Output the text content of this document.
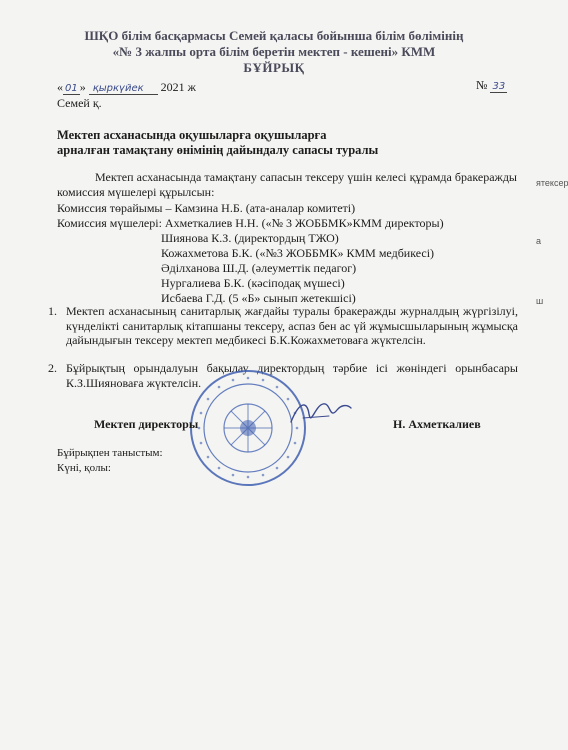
ШҚО білім басқармасы Семей қаласы бойынша білім бөлімінің
«№ 3 жалпы орта білім беретін мектеп - кешені» КММ
БҰЙРЫҚ
« 01 » қыркүйек 2021 ж	№ 33
Семей қ.
Мектеп асханасында оқушыларға оқушыларға
арналған тамақтану өнімінің дайындалу сапасы туралы
Мектеп асханасында тамақтану сапасын тексеру үшін келесі құрамда бракеражды комиссия мүшелері құрылсын:
Комиссия төрайымы – Камзина Н.Б. (ата-аналар комитеті)
Комиссия мүшелері: Ахметкалиев Н.Н. («№ 3 ЖОББМК»КММ директоры)
Шиянова К.З. (директордың ТЖО)
Кожахметова Б.К. («№3 ЖОББМК» КММ медбикесі)
Әділханова Ш.Д. (әлеуметтік педагог)
Нургалиева Б.К. (кәсіподақ мүшесі)
Исбаева Г.Д. (5 «Б» сынып жетекшісі)
1. Мектеп асханасының санитарлық жағдайы туралы бракеражды журналдың жүргізілуі, күнделікті санитарлық кітапшаны тексеру, аспаз бен ас үй жұмысшыларының жұмысқа дайындығын тексеру мектеп медбикесі Б.К.Кожахметоваға жүктелсін.
2. Бұйрықтың орындалуын бақылау директордың тәрбие ісі жөніндегі орынбасары К.З.Шияноваға жүктелсін.
Мектеп директоры	Н. Ахметкалиев
Бұйрықпен таныстым:
Күні, қолы:
ятексер
а
ш
